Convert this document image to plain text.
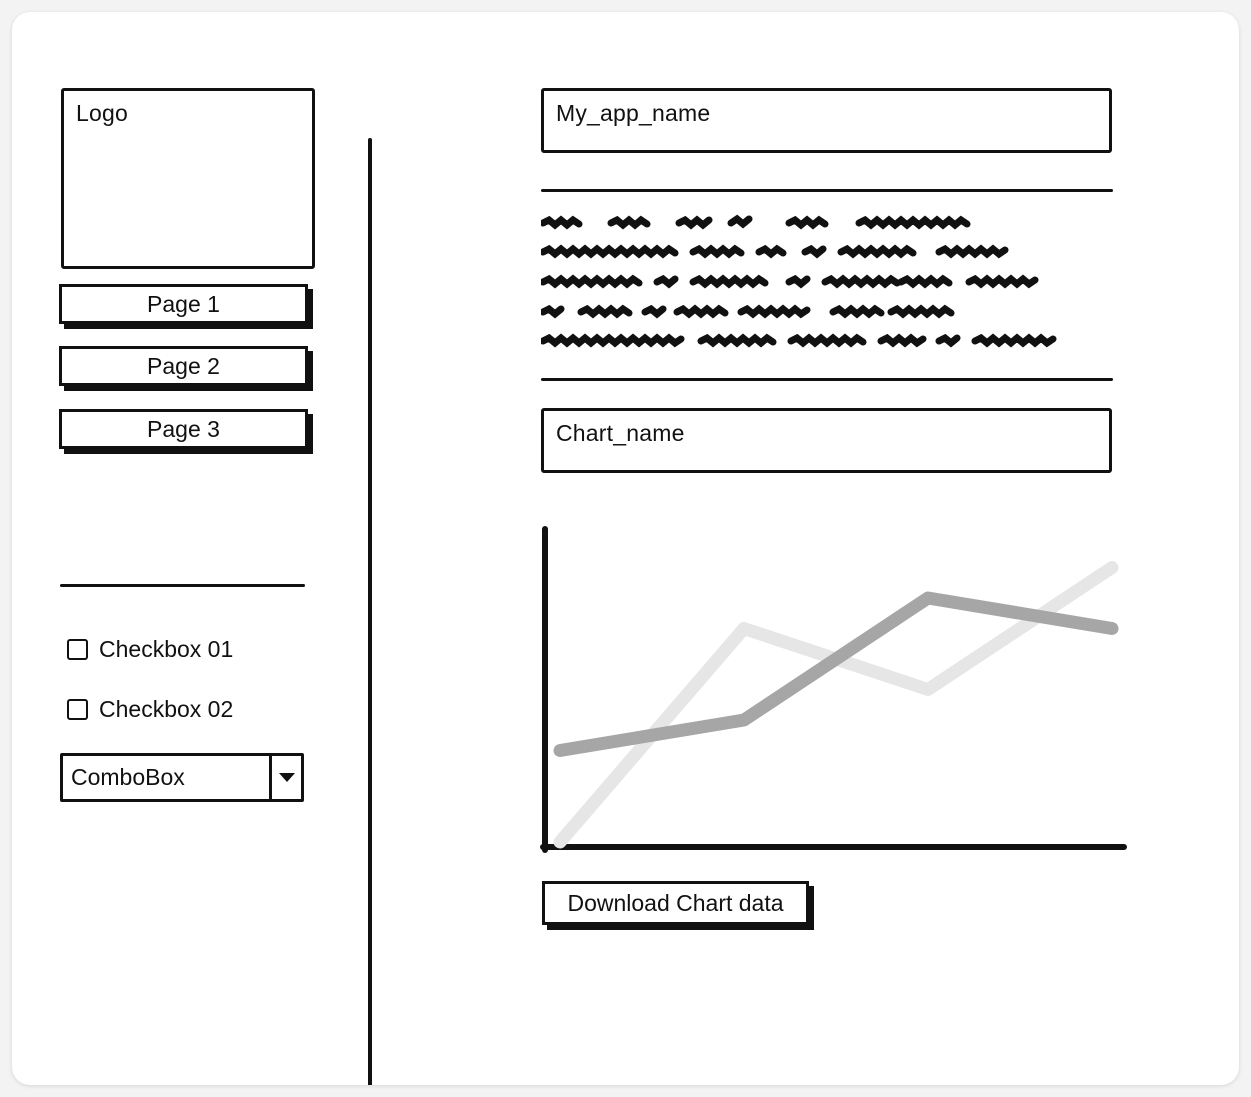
Logo
Page 1
Page 2
Page 3
Checkbox 01
Checkbox 02
ComboBox
My_app_name
Chart_name
Download Chart data
